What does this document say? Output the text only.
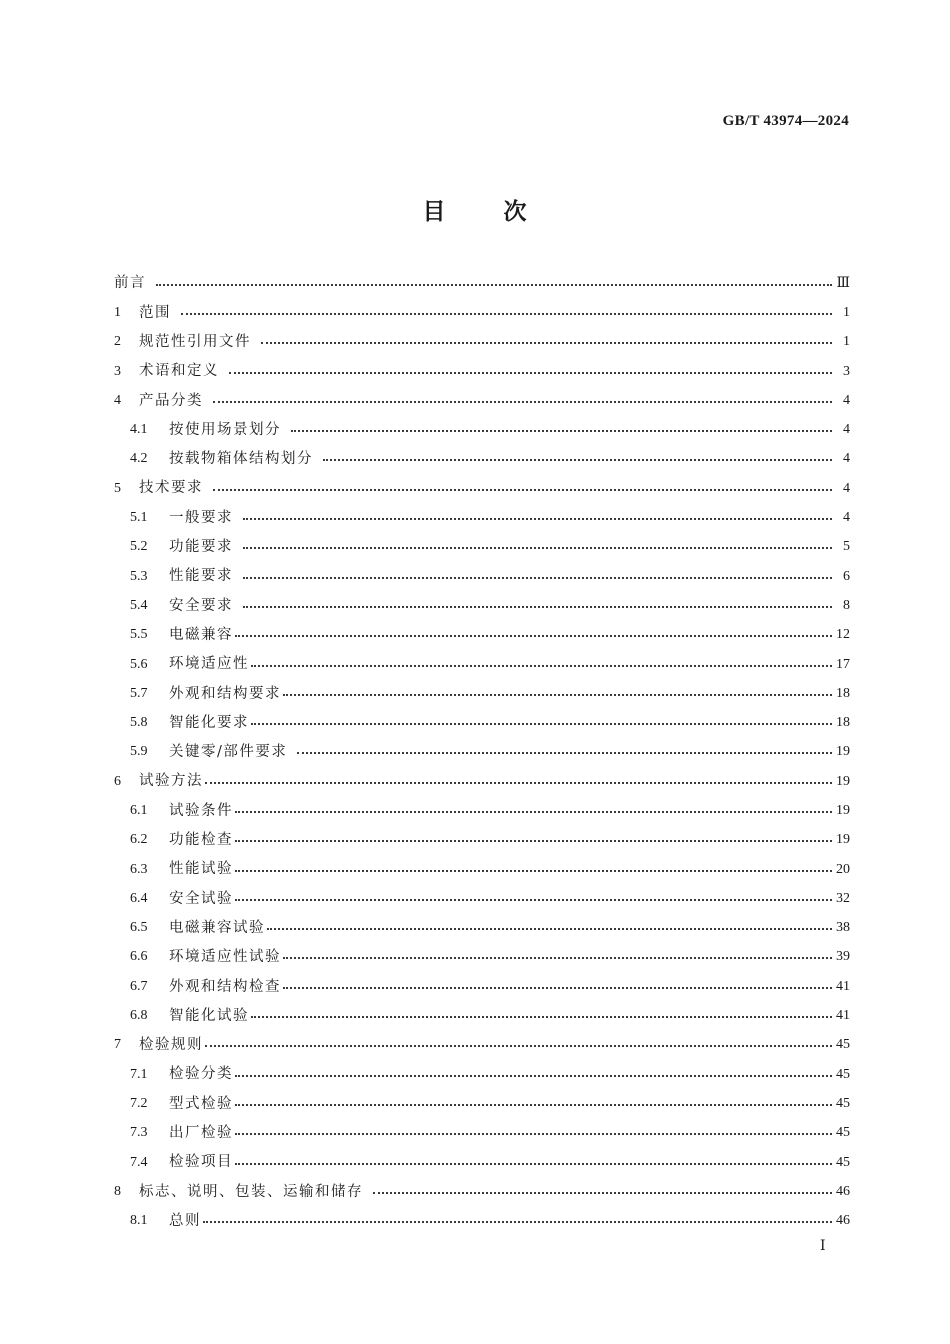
GB/T 43974—2024
目 次
前言	Ⅲ
1	范围	1
2	规范性引用文件	1
3	术语和定义	3
4	产品分类	4
4.1	按使用场景划分	4
4.2	按载物箱体结构划分	4
5	技术要求	4
5.1	一般要求	4
5.2	功能要求	5
5.3	性能要求	6
5.4	安全要求	8
5.5	电磁兼容	12
5.6	环境适应性	17
5.7	外观和结构要求	18
5.8	智能化要求	18
5.9	关键零/部件要求	19
6	试验方法	19
6.1	试验条件	19
6.2	功能检查	19
6.3	性能试验	20
6.4	安全试验	32
6.5	电磁兼容试验	38
6.6	环境适应性试验	39
6.7	外观和结构检查	41
6.8	智能化试验	41
7	检验规则	45
7.1	检验分类	45
7.2	型式检验	45
7.3	出厂检验	45
7.4	检验项目	45
8	标志、说明、包装、运输和储存	46
8.1	总则	46
Ⅰ
